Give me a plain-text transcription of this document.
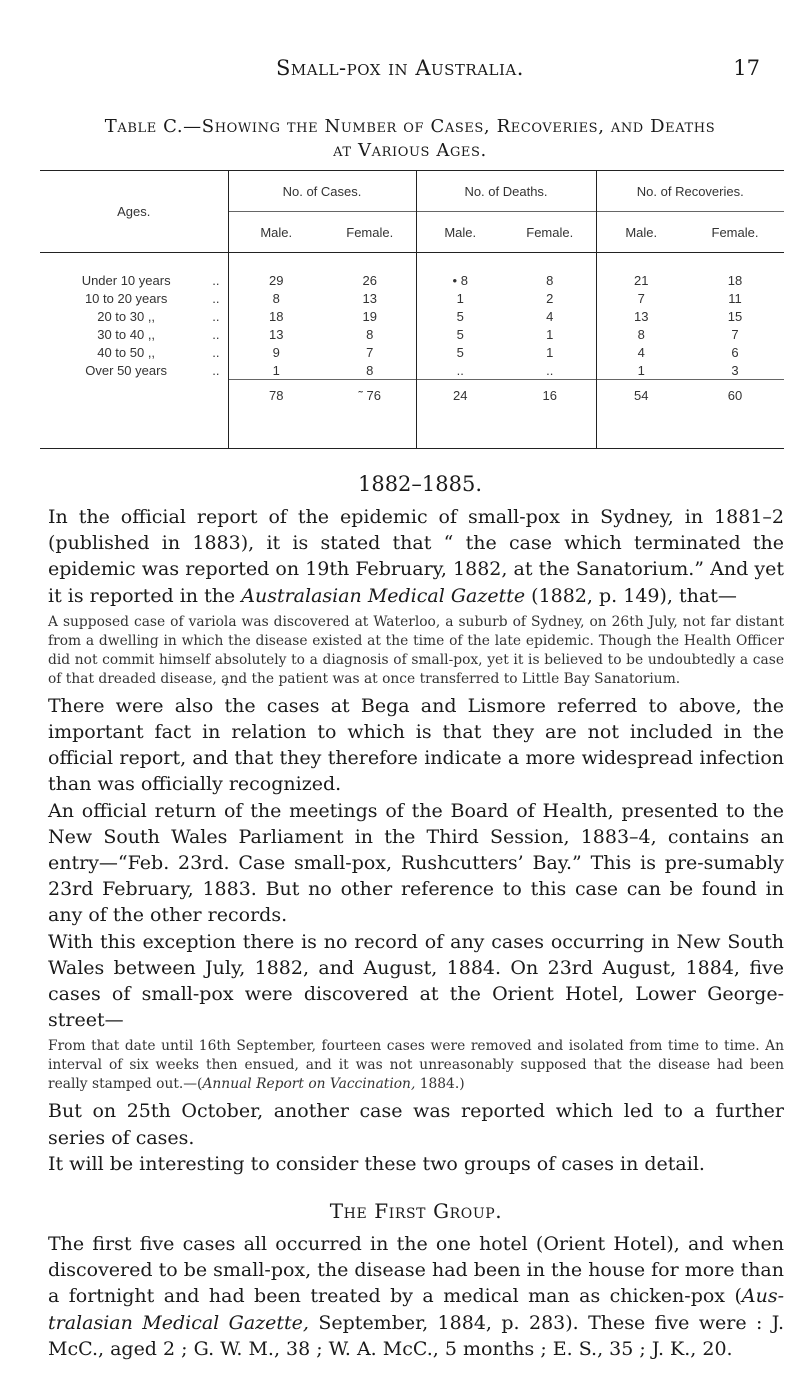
Small-pox in Australia.	17
Table C.—Showing the Number of Cases, Recoveries, and Deaths
at Various Ages.
Ages.	No. of Cases.		No. of Deaths.		No. of Recoveries.	
	Male.	Female.	Male.	Female.	Male.	Femalе.
Under 10 years ..	29	26	• 8	8	21	18
10 to 20 years ..	8	13	1	2	7	11
20 to 30 ,, ..	18	19	5	4	13	15
30 to 40 ,, ..	13	8	5	1	8	7
40 to 50 ,, ..	9	7	5	1	4	6
Over 50 years ..	1	8	..	..	1	3
	78	˜ 76	24	16	54	60
1882–1885.

In the official report of the epidemic of small-pox in Sydney, in 1881–2 (published in 1883), it is stated that “ the case which terminated the epidemic was reported on 19th February, 1882, at the Sanatorium.” And yet it is reported in the Australasian Medical Gazette (1882, p. 149), that—

A supposed case of variola was discovered at Waterloo, a suburb of Sydney, on 26th July, not far distant from a dwelling in which the disease existed at the time of the late epidemic. Though the Health Officer did not commit himself absolutely to a diagnosis of small-pox, yet it is believed to be undoubtedly a case of that dreaded disease, a̧nd the patient was at once transferred to Little Bay Sanatorium.

There were also the cases at Bega and Lismore referred to above, the important fact in relation to which is that they are not included in the official report, and that they therefore indicate a more widespread infection than was officially recognized.

An official return of the meetings of the Board of Health, presented to the New South Wales Parliament in the Third Session, 1883–4, contains an entry—“Feb. 23rd. Case small-pox, Rushcutters’ Bay.” This is pre-sumably 23rd February, 1883. But no other reference to this case can be found in any of the other records.

With this exception there is no record of any cases occurring in New South Wales between July, 1882, and August, 1884. On 23rd August, 1884, five cases of small-pox were discovered at the Orient Hotel, Lower George-street—

From that date until 16th September, fourteen cases were removed and isolated from time to time. An interval of six weeks then ensued, and it was not unreasonably supposed that the disease had been really stamped out.—(Annual Report on Vaccination, 1884.)

But on 25th October, another case was reported which led to a further series of cases.

It will be interesting to consider these two groups of cases in detail.

The First Group.

The first five cases all occurred in the one hotel (Orient Hotel), and when discovered to be small-pox, the disease had been in the house for more than a fortnight and had been treated by a medical man as chicken-pox (Aus-tralasian Medical Gazette, September, 1884, p. 283). These five were : J. McC., aged 2 ; G. W. M., 38 ; W. A. McC., 5 months ; E. S., 35 ; J. K., 20.
